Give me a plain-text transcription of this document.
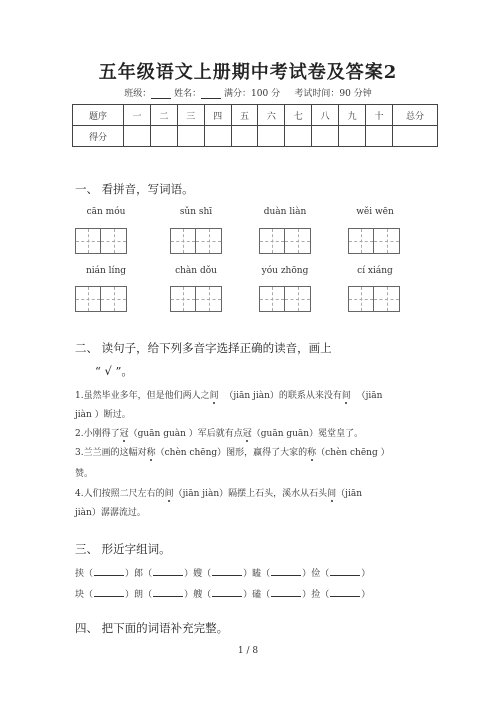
五年级语文上册期中考试卷及答案2
班级：	姓名：	满分：100 分 考试时间：90 分钟
题序	一	二	三	四	五	六	七	八	九	十	总分
得分											
一、 看拼音，写词语。
cān móu	sǔn shī	duàn liàn	wěi wēn
nián líng	chàn dǒu	yóu zhōng	cí xiáng
二、 读句子，给下列多音字选择正确的读音，画上
“ √ ”。
1.虽然毕业多年，但是他们两人之间 （jiān jiàn）的联系从来没有间 （jiān
jiàn ）断过。
2.小刚得了冠（guān guàn ）军后就有点冠（guān guān）冕堂皇了。
3.兰兰画的这幅对称（chèn chēng）图形，赢得了大家的称（chèn chēng ）
赞。
4.人们按照二尺左右的间（jiān jiàn）隔摆上石头，溪水从石头间（jiān
jiàn）潺潺流过。
三、 形近字组词。
挟（	）郎（	）嫂（	）瞌（	）俭（	）
块（	）朗（	）艘（	）磕（	）捡（	）
四、 把下面的词语补充完整。
1 / 8
